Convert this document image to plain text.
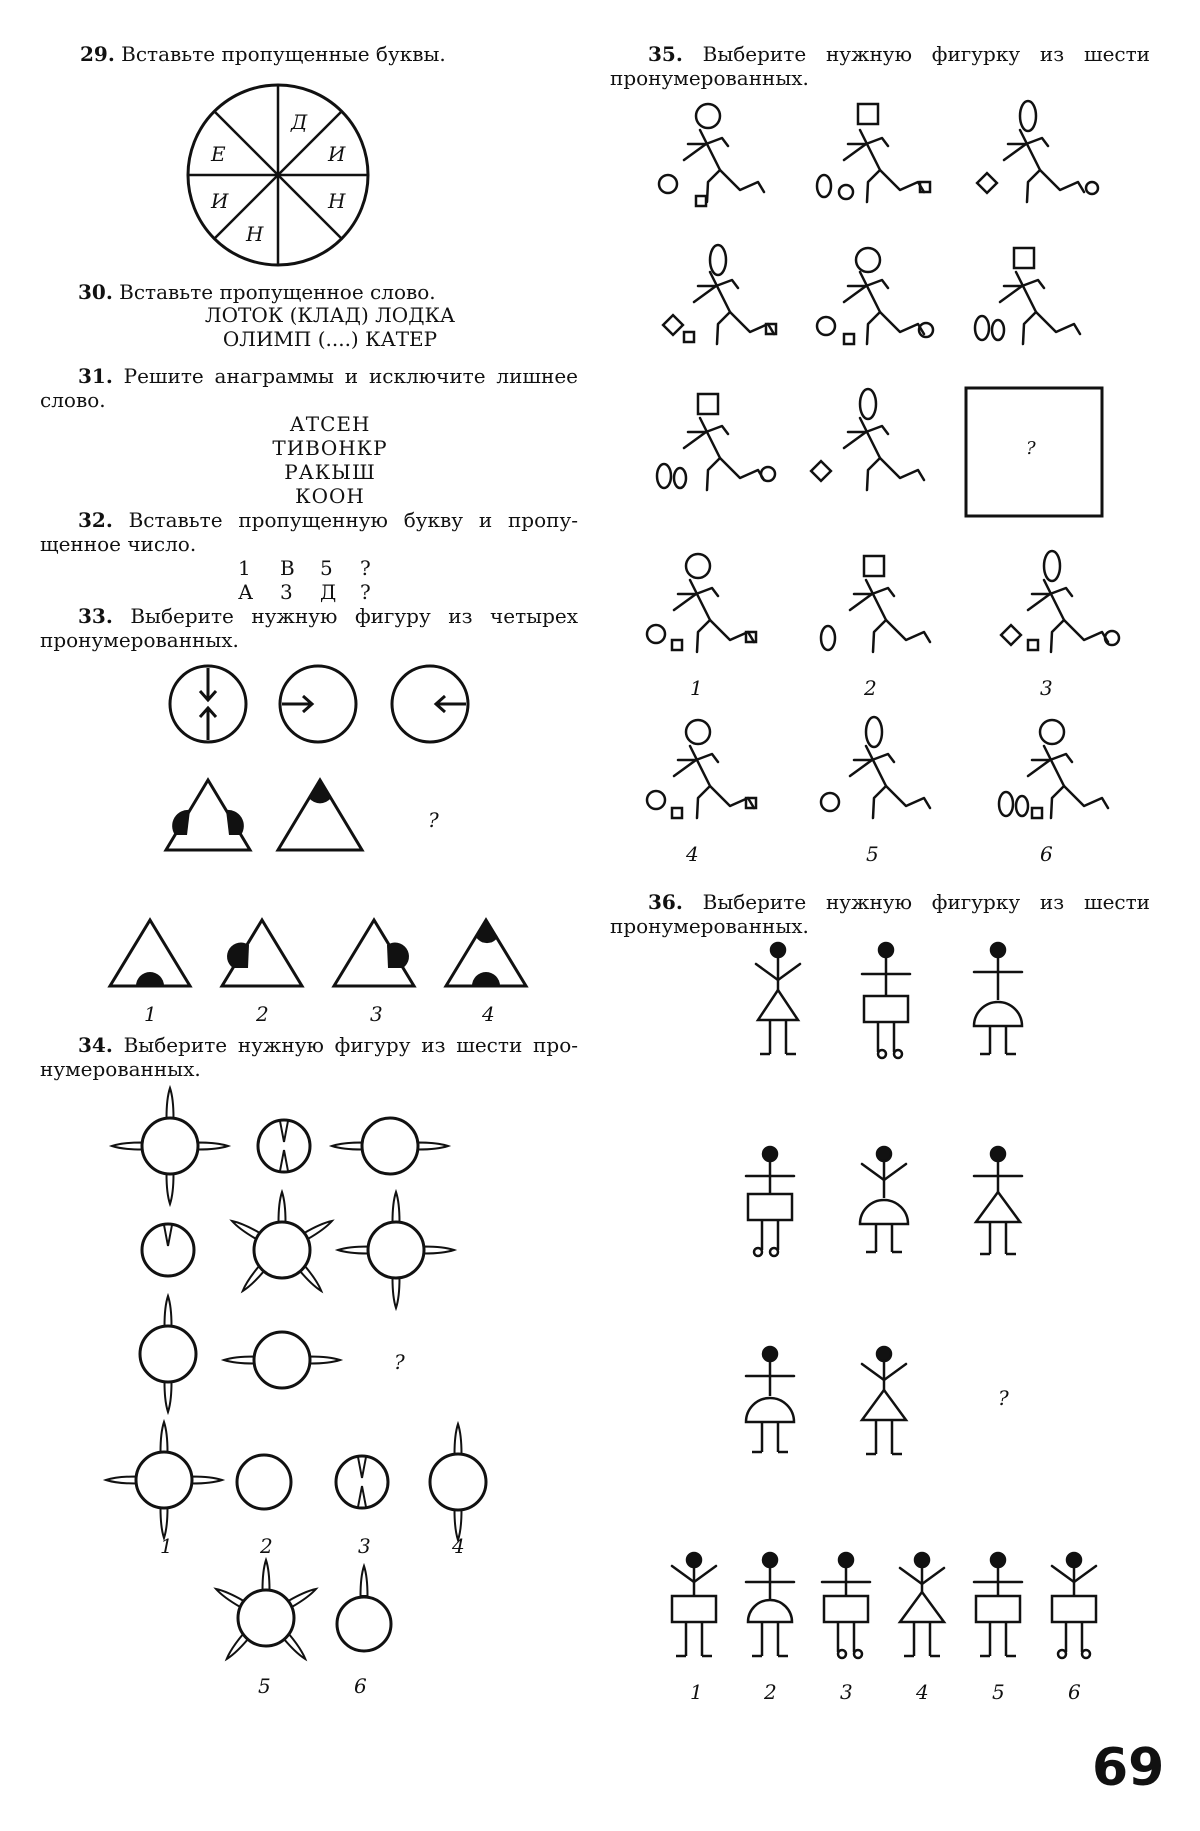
29. Вставьте пропущенные буквы.
30. Вставьте пропущенное слово.
ЛОТОК (КЛАД) ЛОДКА
ОЛИМП (....) КАТЕР
31. Решите анаграммы и исключите лишнее
слово.
АТСЕН
ТИВОНКР
РАКЫШ
КООН
32. Вставьте пропущенную букву и пропу-
щенное число.
1 В 5 ?
А 3 Д ?
33. Выберите нужную фигуру из четырех
пронумерованных.
34. Выберите нужную фигуру из шести про-
нумерованных.
35. Выберите нужную фигурку из шести
пронумерованных.
36. Выберите нужную фигурку из шести
пронумерованных.
Д
И
Н
Н
И
Е
?
1	2	3	4
?
1	2	3	4
5	6
?
1	2	3
4	5	6
?
1	2	3	4	5	6
69
